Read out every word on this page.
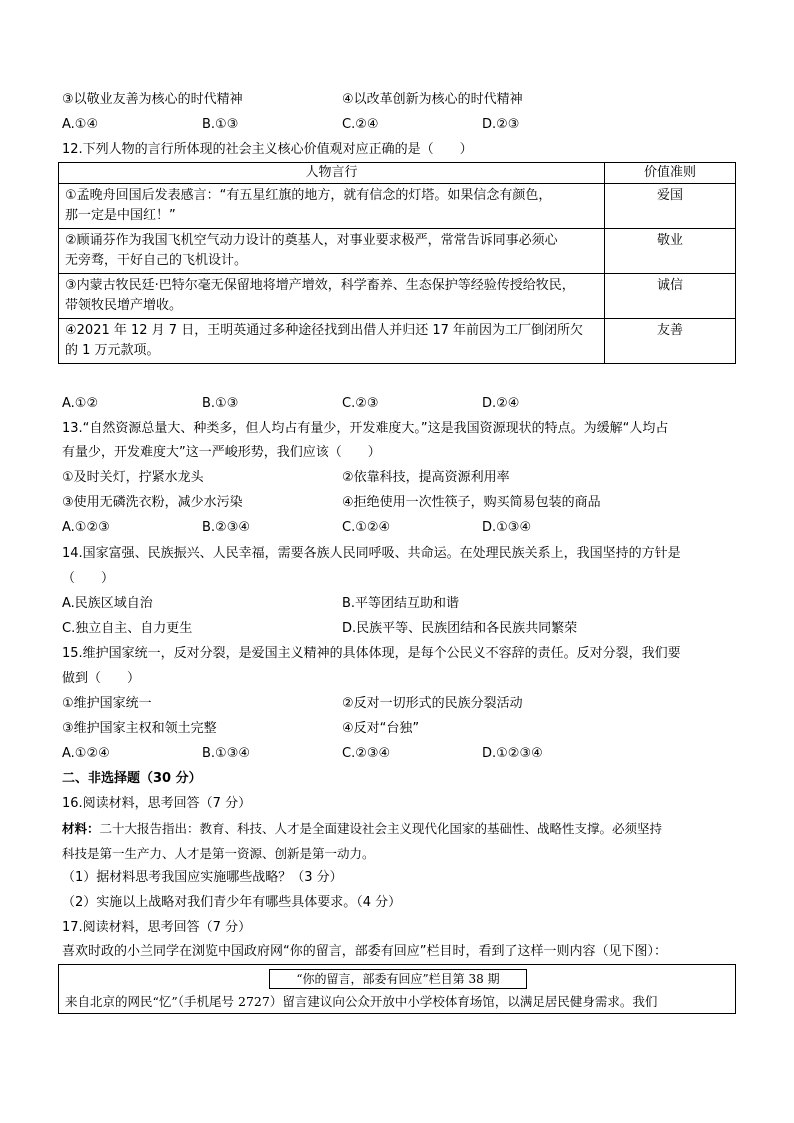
③以敬业友善为核心的时代精神	④以改革创新为核心的时代精神
A.①④	B.①③	C.②④	D.②③
12.下列人物的言行所体现的社会主义核心价值观对应正确的是（　　）
人物言行	价值准则
①孟晚舟回国后发表感言：“有五星红旗的地方，就有信念的灯塔。如果信念有颜色，
那一定是中国红！”	爱国
②顾诵芬作为我国飞机空气动力设计的奠基人，对事业要求极严，常常告诉同事必须心
无旁骛，干好自己的飞机设计。	敬业
③内蒙古牧民廷·巴特尔毫无保留地将增产增效，科学畜养、生态保护等经验传授给牧民，
带领牧民增产增收。	诚信
④2021 年 12 月 7 日，王明英通过多种途径找到出借人并归还 17 年前因为工厂倒闭所欠
的 1 万元款项。	友善
A.①②	B.①③	C.②③	D.②④
13.“自然资源总量大、种类多，但人均占有量少，开发难度大。”这是我国资源现状的特点。为缓解“人均占
有量少，开发难度大”这一严峻形势，我们应该（　　）
①及时关灯，拧紧水龙头	②依靠科技，提高资源利用率
③使用无磷洗衣粉，减少水污染	④拒绝使用一次性筷子，购买简易包装的商品
A.①②③	B.②③④	C.①②④	D.①③④
14.国家富强、民族振兴、人民幸福，需要各族人民同呼吸、共命运。在处理民族关系上，我国坚持的方针是
（　　）
A.民族区域自治	B.平等团结互助和谐
C.独立自主、自力更生	D.民族平等、民族团结和各民族共同繁荣
15.维护国家统一，反对分裂，是爱国主义精神的具体体现，是每个公民义不容辞的责任。反对分裂，我们要
做到（　　）
①维护国家统一	②反对一切形式的民族分裂活动
③维护国家主权和领土完整	④反对“台独”
A.①②④	B.①③④	C.②③④	D.①②③④
二、非选择题（30 分）
16.阅读材料，思考回答（7 分）
材料：二十大报告指出：教育、科技、人才是全面建设社会主义现代化国家的基础性、战略性支撑。必须坚持
科技是第一生产力、人才是第一资源、创新是第一动力。
（1）据材料思考我国应实施哪些战略？（3 分）
（2）实施以上战略对我们青少年有哪些具体要求。（4 分）
17.阅读材料，思考回答（7 分）
喜欢时政的小兰同学在浏览中国政府网“你的留言，部委有回应”栏目时，看到了这样一则内容（见下图）：
“你的留言，部委有回应”栏目第 38 期
来自北京的网民“忆”（手机尾号 2727）留言建议向公众开放中小学校体育场馆，以满足居民健身需求。我们
